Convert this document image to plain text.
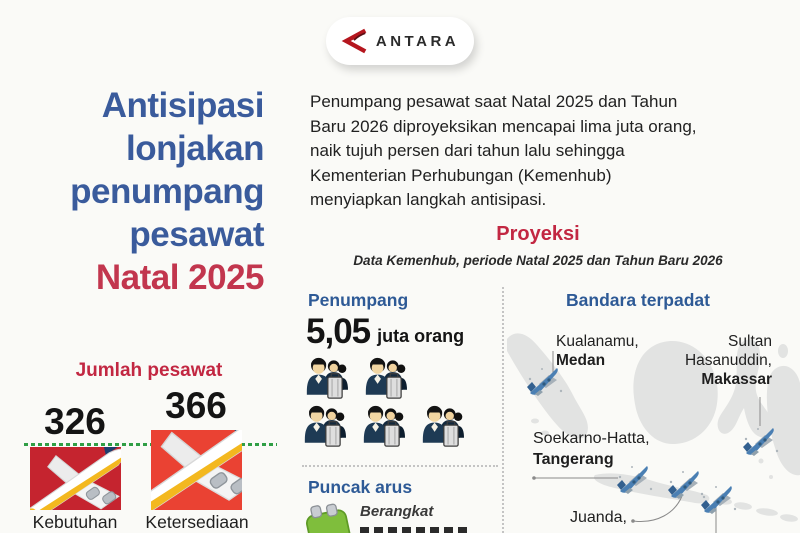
ANTARA
Antisipasi
lonjakan
penumpang
pesawat
Natal 2025
Penumpang pesawat saat Natal 2025 dan Tahun
Baru 2026 diproyeksikan mencapai lima juta orang,
naik tujuh persen dari tahun lalu sehingga
Kementerian Perhubungan (Kemenhub)
menyiapkan langkah antisipasi.
Proyeksi
Data Kemenhub, periode Natal 2025 dan Tahun Baru 2026
Penumpang
5,05 juta orang
Puncak arus
Berangkat
Jumlah pesawat
326	366
Kebutuhan	Ketersediaan
Bandara terpadat
Kualanamu,
Medan
Sultan
Hasanuddin,
Makassar
Soekarno-Hatta,
Tangerang
Juanda,
